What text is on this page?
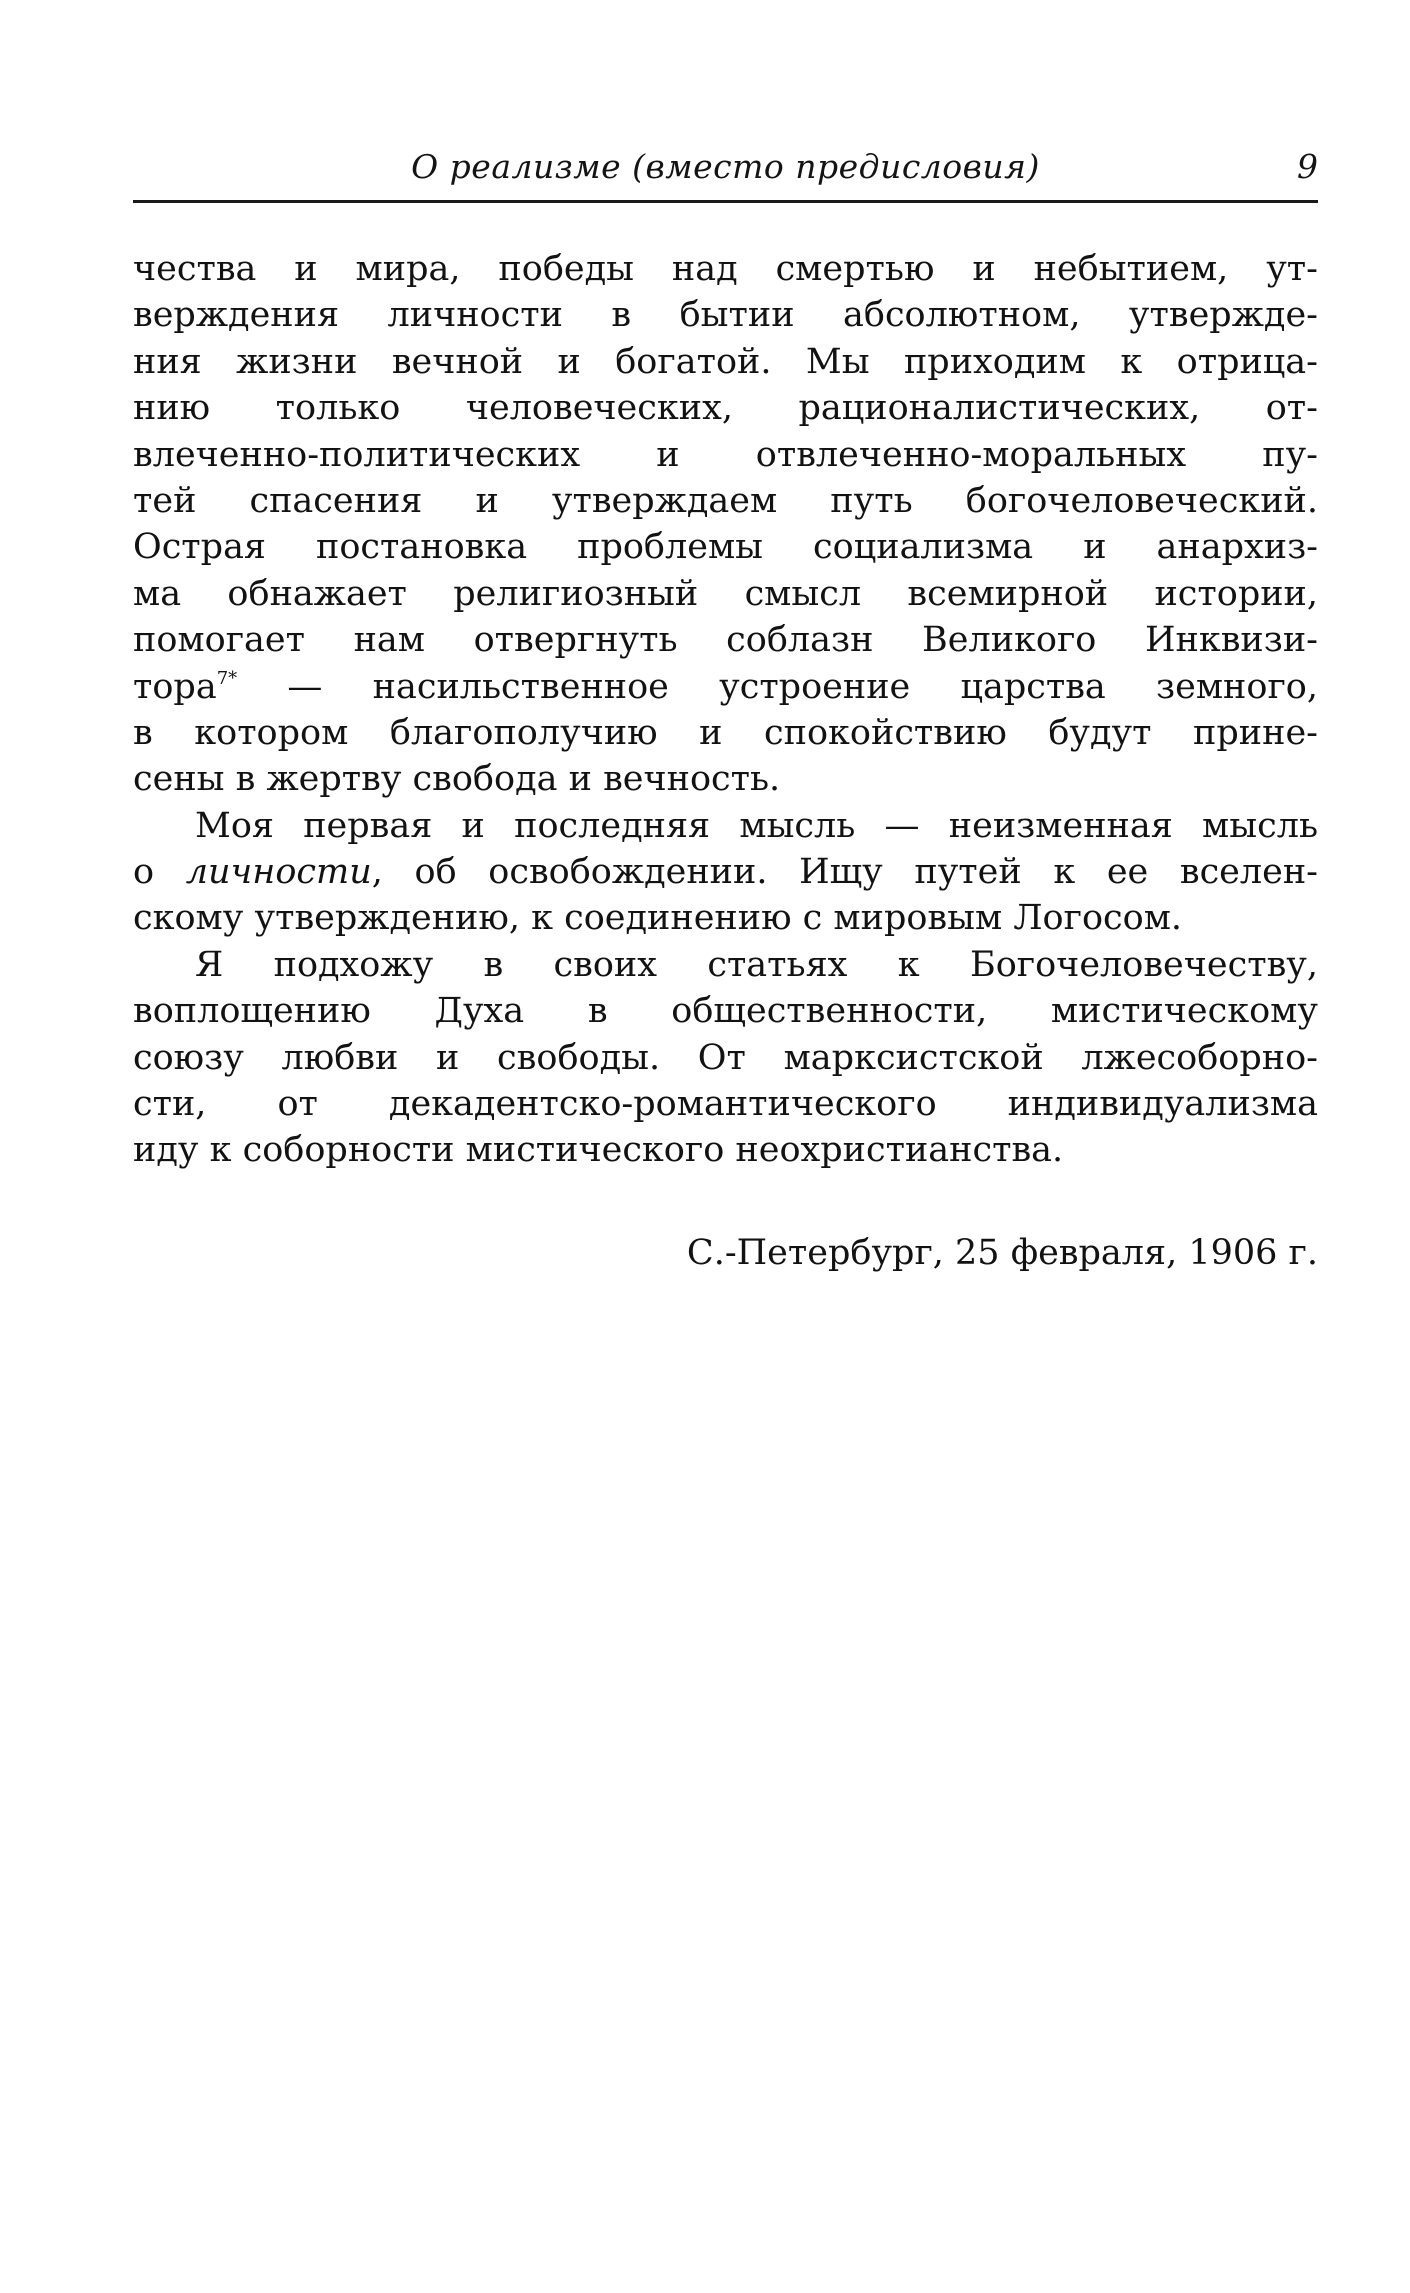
О реализме (вместо предисловия)	9
чества и мира, победы над смертью и небытием, ут-
верждения личности в бытии абсолютном, утвержде-
ния жизни вечной и богатой. Мы приходим к отрица-
нию только человеческих, рационалистических, от-
влеченно-политических и отвлеченно-моральных пу-
тей спасения и утверждаем путь богочеловеческий.
Острая постановка проблемы социализма и анархиз-
ма обнажает религиозный смысл всемирной истории,
помогает нам отвергнуть соблазн Великого Инквизи-
тора$^{7*}$ — насильственное устроение царства земного,
в котором благополучию и спокойствию будут прине-
сены в жертву свобода и вечность.
Моя первая и последняя мысль — неизменная мысль
о личности, об освобождении. Ищу путей к ее вселен-
скому утверждению, к соединению с мировым Логосом.
Я подхожу в своих статьях к Богочеловечеству,
воплощению Духа в общественности, мистическому
союзу любви и свободы. От марксистской лжесоборно-
сти, от декадентско-романтического индивидуализма
иду к соборности мистического неохристианства.
С.-Петербург, 25 февраля, 1906 г.
